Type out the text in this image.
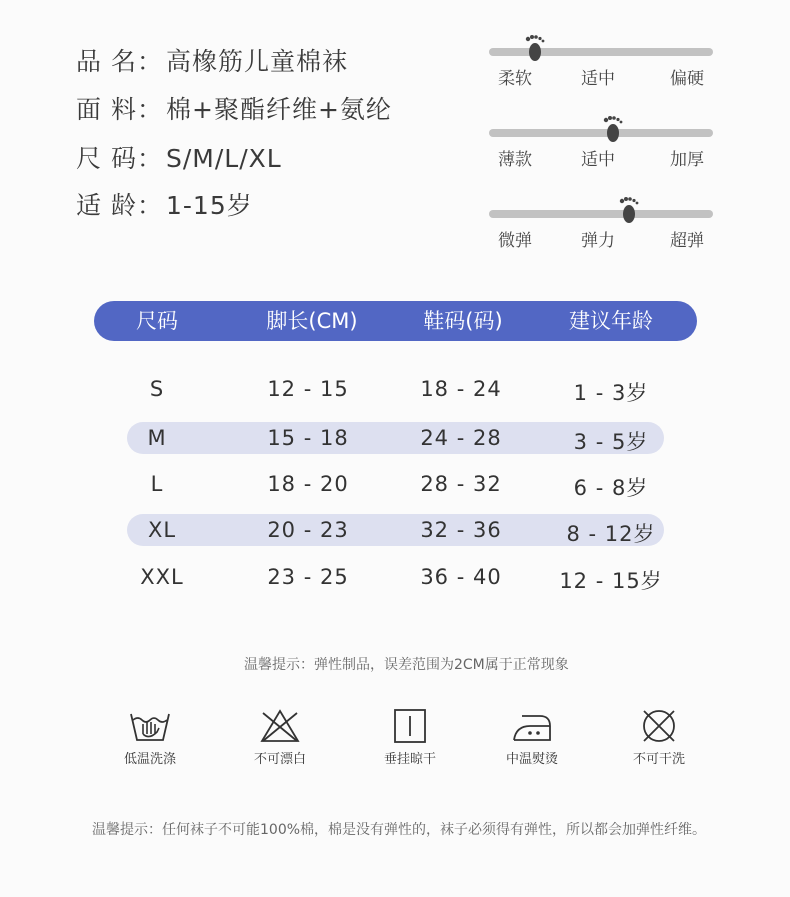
品 名： 高橡筋儿童棉袜
面 料： 棉+聚酯纤维+氨纶
尺 码： S/M/L/XL
适 龄： 1-15岁
柔软	适中	偏硬
薄款	适中	加厚
微弹	弹力	超弹
尺码	脚长(CM)	鞋码(码)	建议年龄
S	12 - 15	18 - 24	1 - 3岁
M	15 - 18	24 - 28	3 - 5岁
L	18 - 20	28 - 32	6 - 8岁
XL	20 - 23	32 - 36	8 - 12岁
XXL	23 - 25	36 - 40	12 - 15岁
温馨提示：弹性制品，误差范围为2CM属于正常现象
低温洗涤	不可漂白	垂挂晾干	中温熨烫	不可干洗
温馨提示：任何袜子不可能100%棉，棉是没有弹性的，袜子必须得有弹性，所以都会加弹性纤维。
